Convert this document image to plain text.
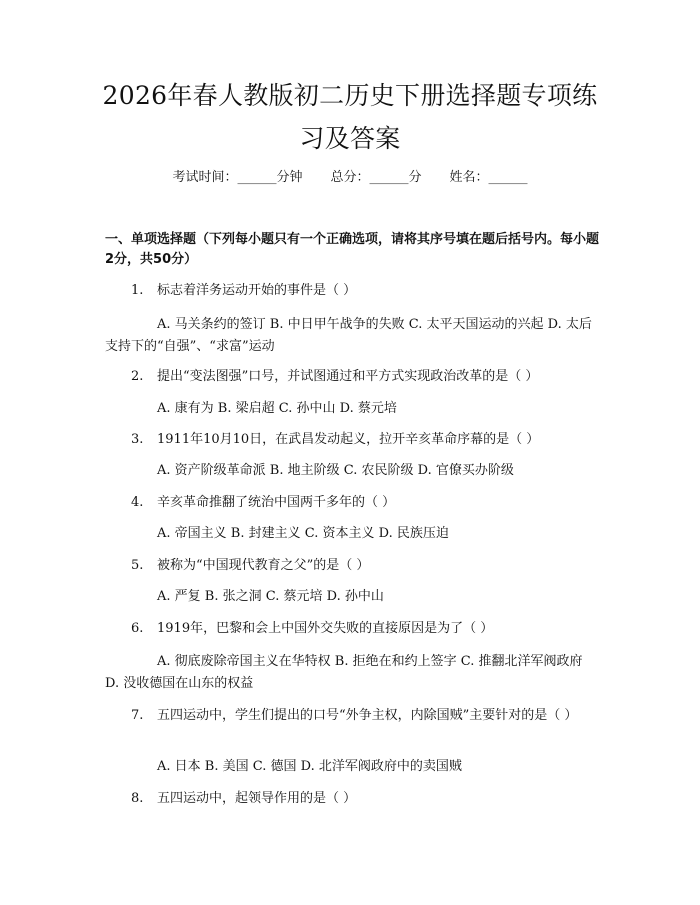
2026年春人教版初二历史下册选择题专项练习及答案
考试时间：______分钟 总分：______分 姓名：______
一、单项选择题（下列每小题只有一个正确选项，请将其序号填在题后括号内。每小题2分，共50分）
1. 标志着洋务运动开始的事件是（ ）
A. 马关条约的签订 B. 中日甲午战争的失败 C. 太平天国运动的兴起 D. 太后支持下的“自强”、“求富”运动
2. 提出“变法图强”口号，并试图通过和平方式实现政治改革的是（ ）
A. 康有为 B. 梁启超 C. 孙中山 D. 蔡元培
3. 1911年10月10日，在武昌发动起义，拉开辛亥革命序幕的是（ ）
A. 资产阶级革命派 B. 地主阶级 C. 农民阶级 D. 官僚买办阶级
4. 辛亥革命推翻了统治中国两千多年的（ ）
A. 帝国主义 B. 封建主义 C. 资本主义 D. 民族压迫
5. 被称为“中国现代教育之父”的是（ ）
A. 严复 B. 张之洞 C. 蔡元培 D. 孙中山
6. 1919年，巴黎和会上中国外交失败的直接原因是为了（ ）
A. 彻底废除帝国主义在华特权 B. 拒绝在和约上签字 C. 推翻北洋军阀政府 D. 没收德国在山东的权益
7. 五四运动中，学生们提出的口号“外争主权，内除国贼”主要针对的是（ ）
A. 日本 B. 美国 C. 德国 D. 北洋军阀政府中的卖国贼
8. 五四运动中，起领导作用的是（ ）
